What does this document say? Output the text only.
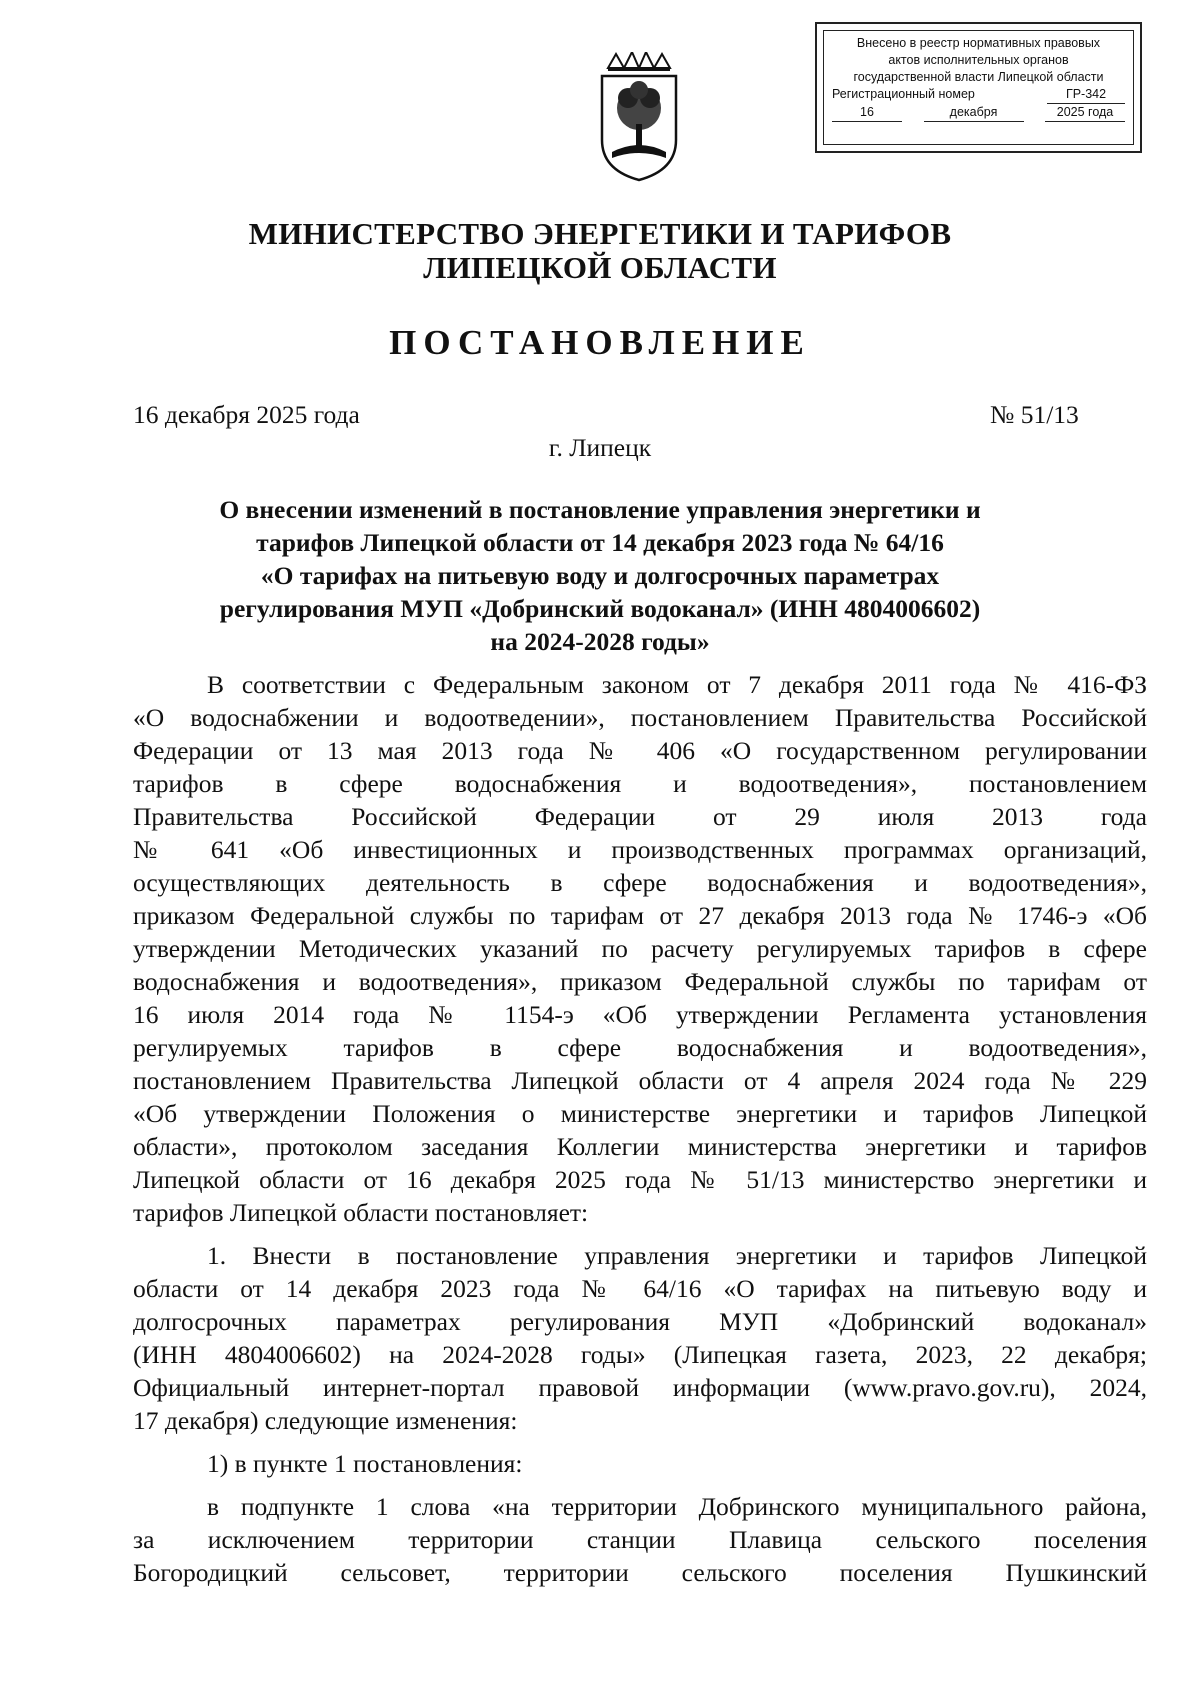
Внесено в реестр нормативных правовых
актов исполнительных органов
государственной власти Липецкой области
Регистрационный номер	ГР-342
16	декабря	2025 года
МИНИСТЕРСТВО ЭНЕРГЕТИКИ И ТАРИФОВ
ЛИПЕЦКОЙ ОБЛАСТИ
ПОСТАНОВЛЕНИЕ
16 декабря 2025 года	№ 51/13
г. Липецк
О внесении изменений в постановление управления энергетики и
тарифов Липецкой области от 14 декабря 2023 года № 64/16
«О тарифах на питьевую воду и долгосрочных параметрах
регулирования МУП «Добринский водоканал» (ИНН 4804006602)
на 2024-2028 годы»
В соответствии с Федеральным законом от 7 декабря 2011 года № 416-ФЗ
«О водоснабжении и водоотведении», постановлением Правительства Российской
Федерации от 13 мая 2013 года № 406 «О государственном регулировании
тарифов в сфере водоснабжения и водоотведения», постановлением
Правительства Российской Федерации от 29 июля 2013 года
№ 641 «Об инвестиционных и производственных программах организаций,
осуществляющих деятельность в сфере водоснабжения и водоотведения»,
приказом Федеральной службы по тарифам от 27 декабря 2013 года № 1746-э «Об
утверждении Методических указаний по расчету регулируемых тарифов в сфере
водоснабжения и водоотведения», приказом Федеральной службы по тарифам от
16 июля 2014 года № 1154-э «Об утверждении Регламента установления
регулируемых тарифов в сфере водоснабжения и водоотведения»,
постановлением Правительства Липецкой области от 4 апреля 2024 года № 229
«Об утверждении Положения о министерстве энергетики и тарифов Липецкой
области», протоколом заседания Коллегии министерства энергетики и тарифов
Липецкой области от 16 декабря 2025 года № 51/13 министерство энергетики и
тарифов Липецкой области постановляет:
1. Внести в постановление управления энергетики и тарифов Липецкой
области от 14 декабря 2023 года № 64/16 «О тарифах на питьевую воду и
долгосрочных параметрах регулирования МУП «Добринский водоканал»
(ИНН 4804006602) на 2024-2028 годы» (Липецкая газета, 2023, 22 декабря;
Официальный интернет-портал правовой информации (www.pravo.gov.ru), 2024,
17 декабря) следующие изменения:
1) в пункте 1 постановления:
в подпункте 1 слова «на территории Добринского муниципального района,
за исключением территории станции Плавица сельского поселения
Богородицкий сельсовет, территории сельского поселения Пушкинский
